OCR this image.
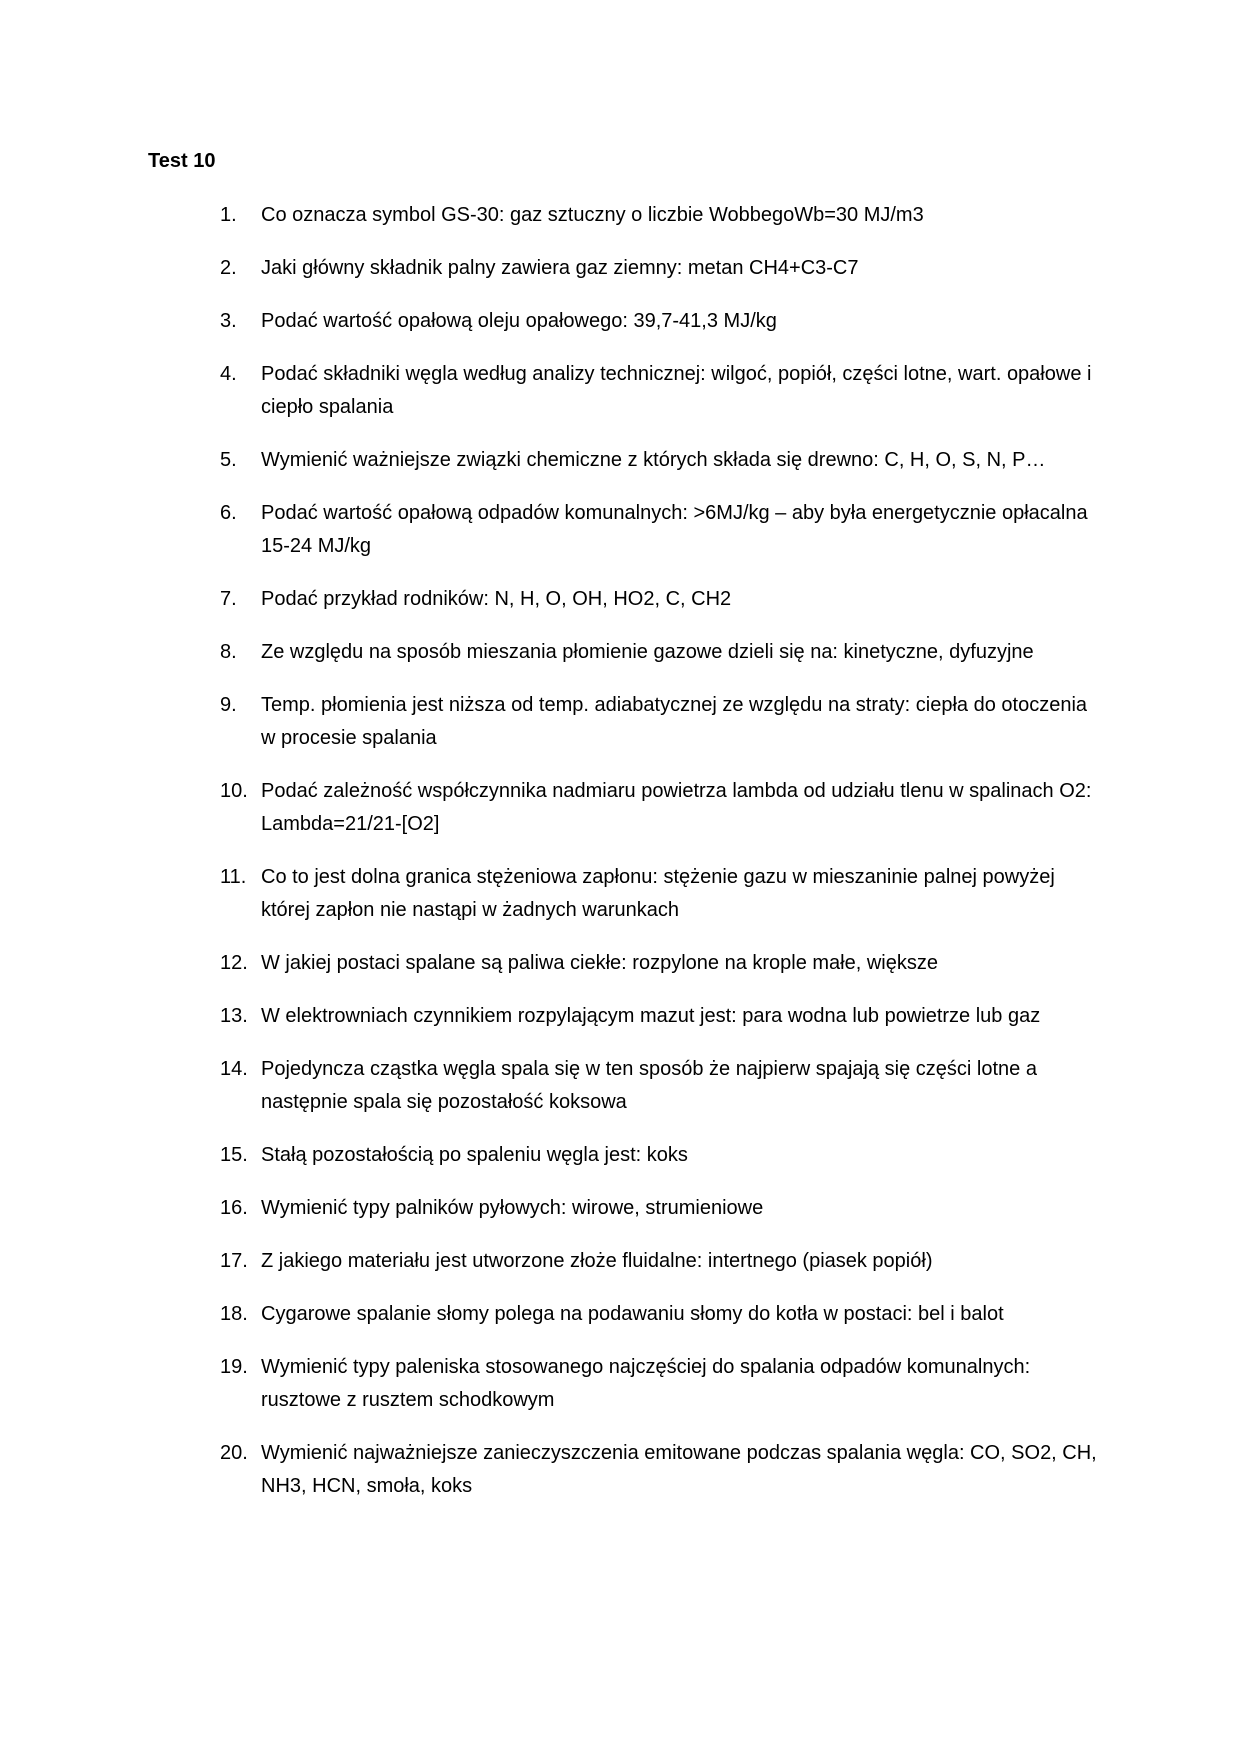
Test 10
1.	Co oznacza symbol GS-30: gaz sztuczny o liczbie WobbegoWb=30 MJ/m3
2.	Jaki główny składnik palny zawiera gaz ziemny: metan CH4+C3-C7
3.	Podać wartość opałową oleju opałowego: 39,7-41,3 MJ/kg
4.	Podać składniki węgla według analizy technicznej: wilgoć, popiół, części lotne, wart. opałowe i ciepło spalania
5.	Wymienić ważniejsze związki chemiczne z których składa się drewno: C, H, O, S, N, P…
6.	Podać wartość opałową odpadów komunalnych: >6MJ/kg – aby była energetycznie opłacalna 15-24 MJ/kg
7.	Podać przykład rodników: N, H, O, OH, HO2, C, CH2
8.	Ze względu na sposób mieszania płomienie gazowe dzieli się na: kinetyczne, dyfuzyjne
9.	Temp. płomienia jest niższa od temp. adiabatycznej ze względu na straty: ciepła do otoczenia w procesie spalania
10. Podać zależność współczynnika nadmiaru powietrza lambda od udziału tlenu w spalinach O2: Lambda=21/21-[O2]
11. Co to jest dolna granica stężeniowa zapłonu: stężenie gazu w mieszaninie palnej powyżej której zapłon nie nastąpi w żadnych warunkach
12. W jakiej postaci spalane są paliwa ciekłe: rozpylone na krople małe, większe
13. W elektrowniach czynnikiem rozpylającym mazut jest: para wodna lub powietrze lub gaz
14. Pojedyncza cząstka węgla spala się w ten sposób że najpierw spajają się części lotne a następnie spala się pozostałość koksowa
15. Stałą pozostałością po spaleniu węgla jest: koks
16. Wymienić typy palników pyłowych: wirowe, strumieniowe
17. Z jakiego materiału jest utworzone złoże fluidalne: intertnego (piasek popiół)
18. Cygarowe spalanie słomy polega na podawaniu słomy do kotła w postaci: bel i balot
19. Wymienić typy paleniska stosowanego najczęściej do spalania odpadów komunalnych: rusztowe z rusztem schodkowym
20. Wymienić najważniejsze zanieczyszczenia emitowane podczas spalania węgla: CO, SO2, CH, NH3, HCN, smoła, koks
